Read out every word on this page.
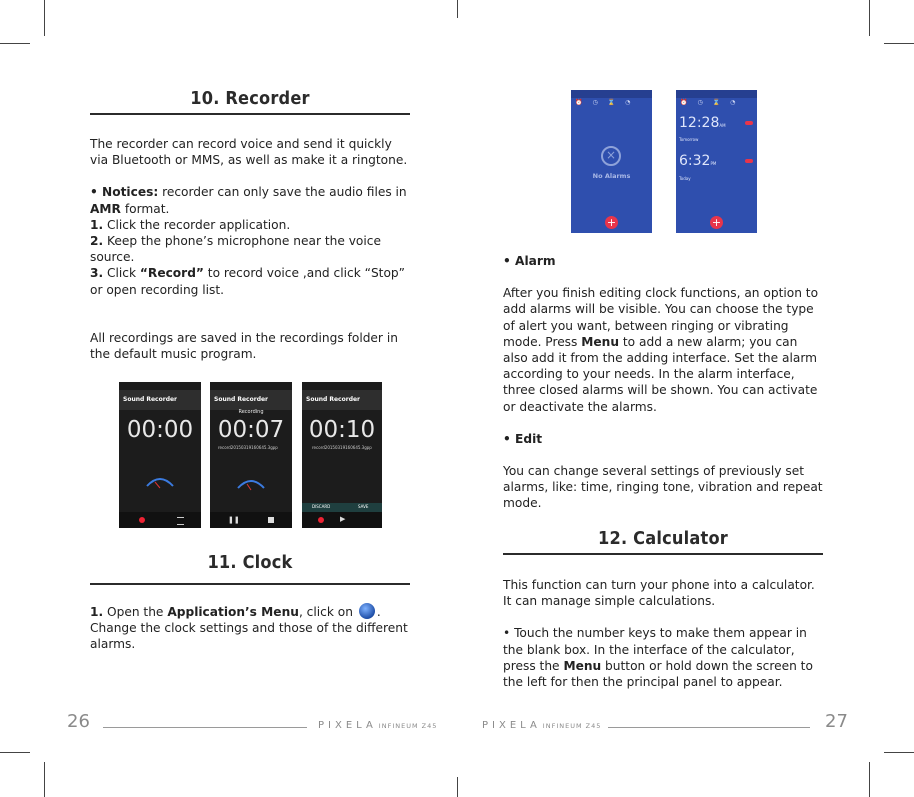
10. Recorder

The recorder can record voice and send it quickly via Bluetooth or MMS, as well as make it a ringtone.

• Notices: recorder can only save the audio files in AMR format.

1. Click the recorder application.

2. Keep the phone’s microphone near the voice source.

3. Click “Record” to record voice ,and click “Stop” or open recording list.

All recordings are saved in the recordings folder in the default music program.

Sound Recorder
00:00
Sound Recorder
Recording
00:07
record20150319160645.3gpp
❚❚
Sound Recorder
00:10
record20150319160645.3gpp
DISCARD	SAVE
▶
11. Clock

1. Open the Application’s Menu, click on . Change the clock settings and those of the different alarms.

26	PIXELA INFINEUM Z45
⏰◷⌛◔
×
No Alarms
+
⏰◷⌛◔
12:28AM
Tomorrow
6:32PM
Today
+

• Alarm

After you finish editing clock functions, an option to add alarms will be visible. You can choose the type of alert you want, between ringing or vibrating mode. Press Menu to add a new alarm; you can also add it from the adding interface. Set the alarm according to your needs. In the alarm interface, three closed alarms will be shown. You can activate or deactivate the alarms.

• Edit

You can change several settings of previously set alarms, like: time, ringing tone, vibration and repeat mode.

12. Calculator

This function can turn your phone into a calculator. It can manage simple calculations.

• Touch the number keys to make them appear in the blank box. In the interface of the calculator, press the Menu button or hold down the screen to the left for then the principal panel to appear.

PIXELA INFINEUM Z45	27
